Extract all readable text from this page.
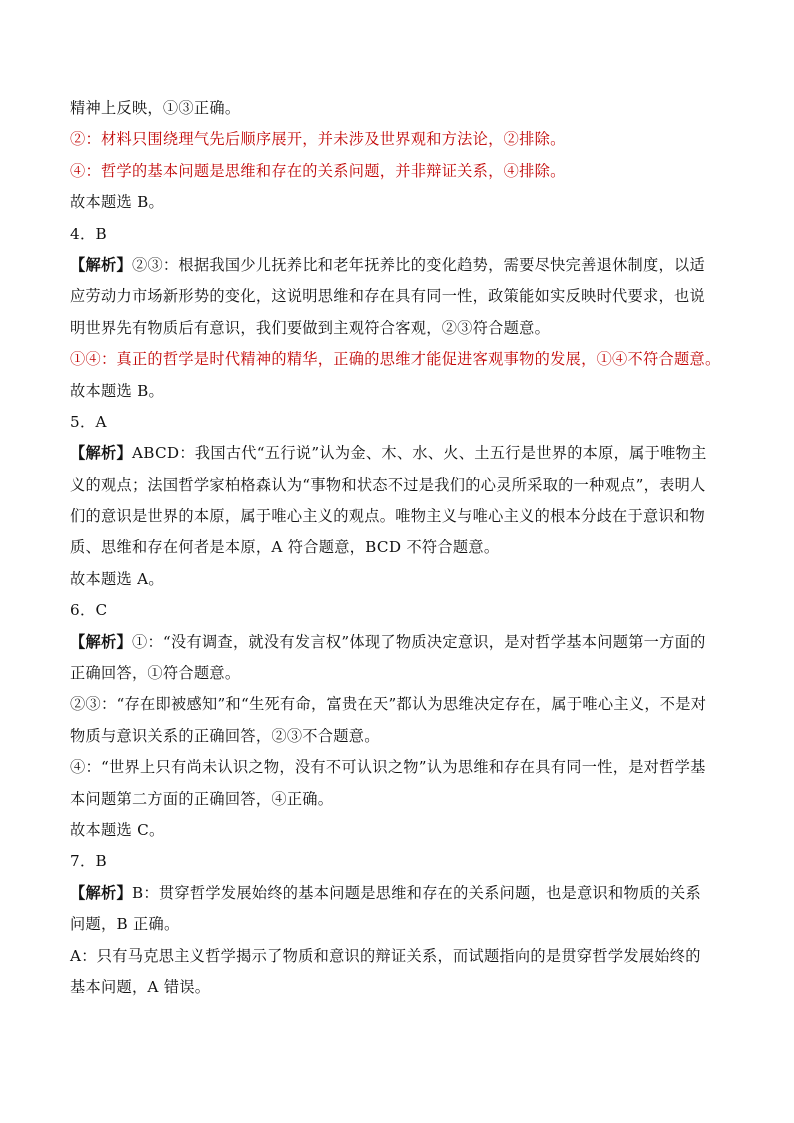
精神上反映，①③正确。
②：材料只围绕理气先后顺序展开，并未涉及世界观和方法论，②排除。
④：哲学的基本问题是思维和存在的关系问题，并非辩证关系，④排除。
故本题选 B。
4．B
【解析】②③：根据我国少儿抚养比和老年抚养比的变化趋势，需要尽快完善退休制度，以适
应劳动力市场新形势的变化，这说明思维和存在具有同一性，政策能如实反映时代要求，也说
明世界先有物质后有意识，我们要做到主观符合客观，②③符合题意。
①④：真正的哲学是时代精神的精华，正确的思维才能促进客观事物的发展，①④不符合题意。
故本题选 B。
5．A
【解析】ABCD：我国古代“五行说”认为金、木、水、火、土五行是世界的本原，属于唯物主
义的观点；法国哲学家柏格森认为“事物和状态不过是我们的心灵所采取的一种观点”，表明人
们的意识是世界的本原，属于唯心主义的观点。唯物主义与唯心主义的根本分歧在于意识和物
质、思维和存在何者是本原，A 符合题意，BCD 不符合题意。
故本题选 A。
6．C
【解析】①：“没有调查，就没有发言权”体现了物质决定意识，是对哲学基本问题第一方面的
正确回答，①符合题意。
②③：“存在即被感知”和“生死有命，富贵在天”都认为思维决定存在，属于唯心主义，不是对
物质与意识关系的正确回答，②③不合题意。
④：“世界上只有尚未认识之物，没有不可认识之物”认为思维和存在具有同一性，是对哲学基
本问题第二方面的正确回答，④正确。
故本题选 C。
7．B
【解析】B：贯穿哲学发展始终的基本问题是思维和存在的关系问题，也是意识和物质的关系
问题，B 正确。
A：只有马克思主义哲学揭示了物质和意识的辩证关系，而试题指向的是贯穿哲学发展始终的
基本问题，A 错误。
